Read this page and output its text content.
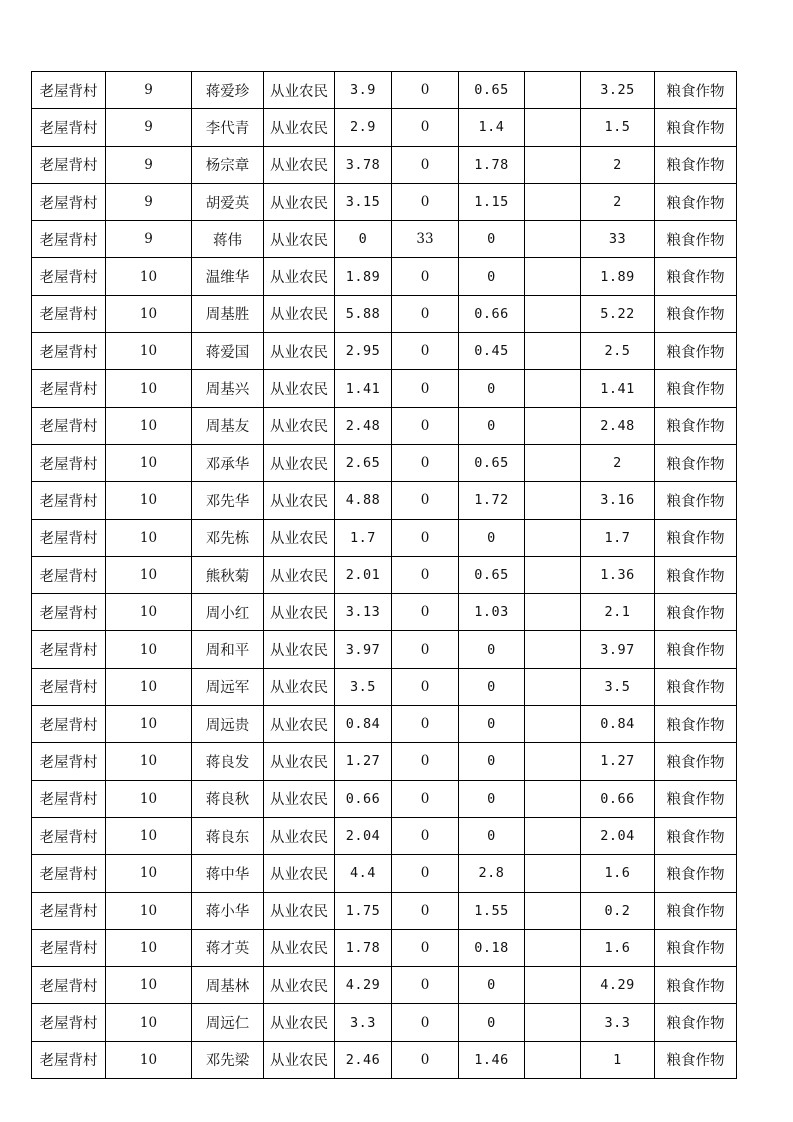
老屋背村	9	蒋爱珍	从业农民	3.9	0	0.65		3.25	粮食作物
老屋背村	9	李代青	从业农民	2.9	0	1.4		1.5	粮食作物
老屋背村	9	杨宗章	从业农民	3.78	0	1.78		2	粮食作物
老屋背村	9	胡爱英	从业农民	3.15	0	1.15		2	粮食作物
老屋背村	9	蒋伟	从业农民	0	33	0		33	粮食作物
老屋背村	10	温维华	从业农民	1.89	0	0		1.89	粮食作物
老屋背村	10	周基胜	从业农民	5.88	0	0.66		5.22	粮食作物
老屋背村	10	蒋爱国	从业农民	2.95	0	0.45		2.5	粮食作物
老屋背村	10	周基兴	从业农民	1.41	0	0		1.41	粮食作物
老屋背村	10	周基友	从业农民	2.48	0	0		2.48	粮食作物
老屋背村	10	邓承华	从业农民	2.65	0	0.65		2	粮食作物
老屋背村	10	邓先华	从业农民	4.88	0	1.72		3.16	粮食作物
老屋背村	10	邓先栋	从业农民	1.7	0	0		1.7	粮食作物
老屋背村	10	熊秋菊	从业农民	2.01	0	0.65		1.36	粮食作物
老屋背村	10	周小红	从业农民	3.13	0	1.03		2.1	粮食作物
老屋背村	10	周和平	从业农民	3.97	0	0		3.97	粮食作物
老屋背村	10	周远军	从业农民	3.5	0	0		3.5	粮食作物
老屋背村	10	周远贵	从业农民	0.84	0	0		0.84	粮食作物
老屋背村	10	蒋良发	从业农民	1.27	0	0		1.27	粮食作物
老屋背村	10	蒋良秋	从业农民	0.66	0	0		0.66	粮食作物
老屋背村	10	蒋良东	从业农民	2.04	0	0		2.04	粮食作物
老屋背村	10	蒋中华	从业农民	4.4	0	2.8		1.6	粮食作物
老屋背村	10	蒋小华	从业农民	1.75	0	1.55		0.2	粮食作物
老屋背村	10	蒋才英	从业农民	1.78	0	0.18		1.6	粮食作物
老屋背村	10	周基林	从业农民	4.29	0	0		4.29	粮食作物
老屋背村	10	周远仁	从业农民	3.3	0	0		3.3	粮食作物
老屋背村	10	邓先梁	从业农民	2.46	0	1.46		1	粮食作物
